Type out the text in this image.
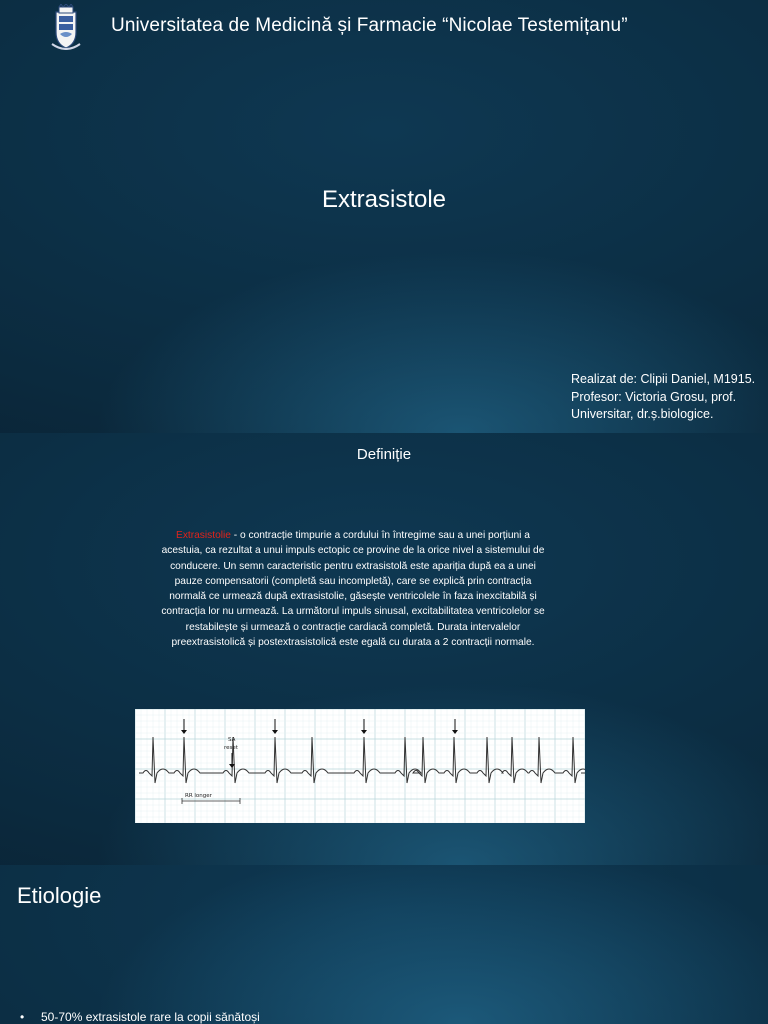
Universitatea de Medicină și Farmacie “Nicolae Testemițanu”
Extrasistole
Realizat de: Clipii Daniel, M1915.
Profesor: Victoria Grosu, prof.
Universitar, dr.ș.biologice.
Definiție
Extrasistolie - o contracție timpurie a cordului în întregime sau a unei porțiuni a acestuia, ca rezultat a unui impuls ectopic ce provine de la orice nivel a sistemului de conducere. Un semn caracteristic pentru extrasistolă este apariția după ea a unei pauze compensatorii (completă sau incompletă), care se explică prin contracția normală ce urmează după extrasistolie, găsește ventricolele în faza inexcitabilă și contracția lor nu urmează. La următorul impuls sinusal, excitabilitatea ventricolelor se restabilește și urmează o contracție cardiacă completă. Durata intervalelor preextrasistolică și postextrasistolică este egală cu durata a 2 contracții normale.
SA
reset
RR longer
Etiologie
• 50-70% extrasistole rare la copii sănătoși
